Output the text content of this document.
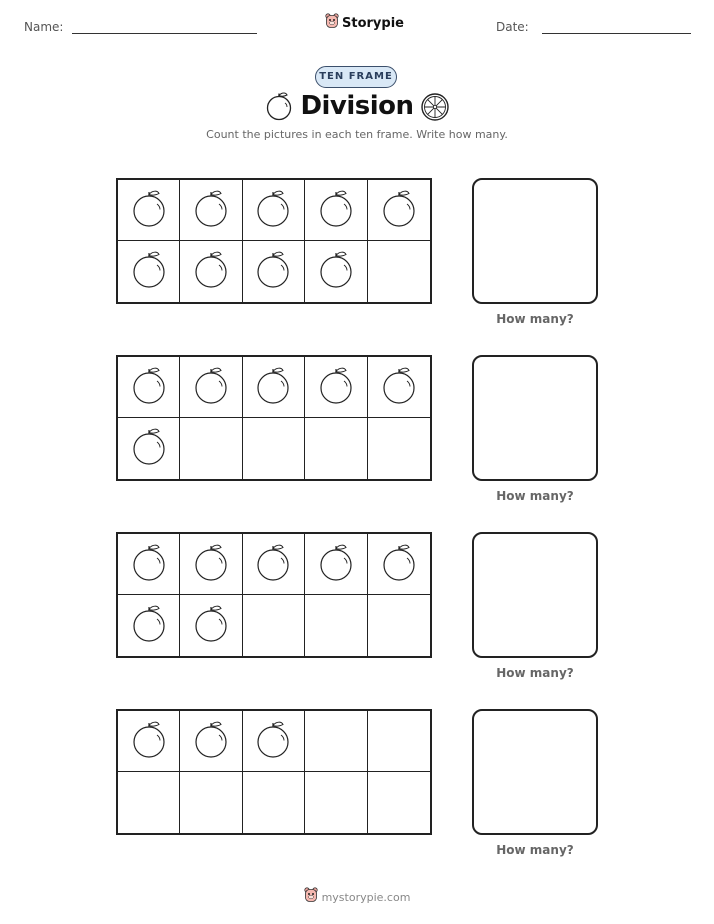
Name:	Storypie	Date:
TEN FRAME
Division
Count the pictures in each ten frame. Write how many.
How many?
How many?
How many?
How many?
mystorypie.com
